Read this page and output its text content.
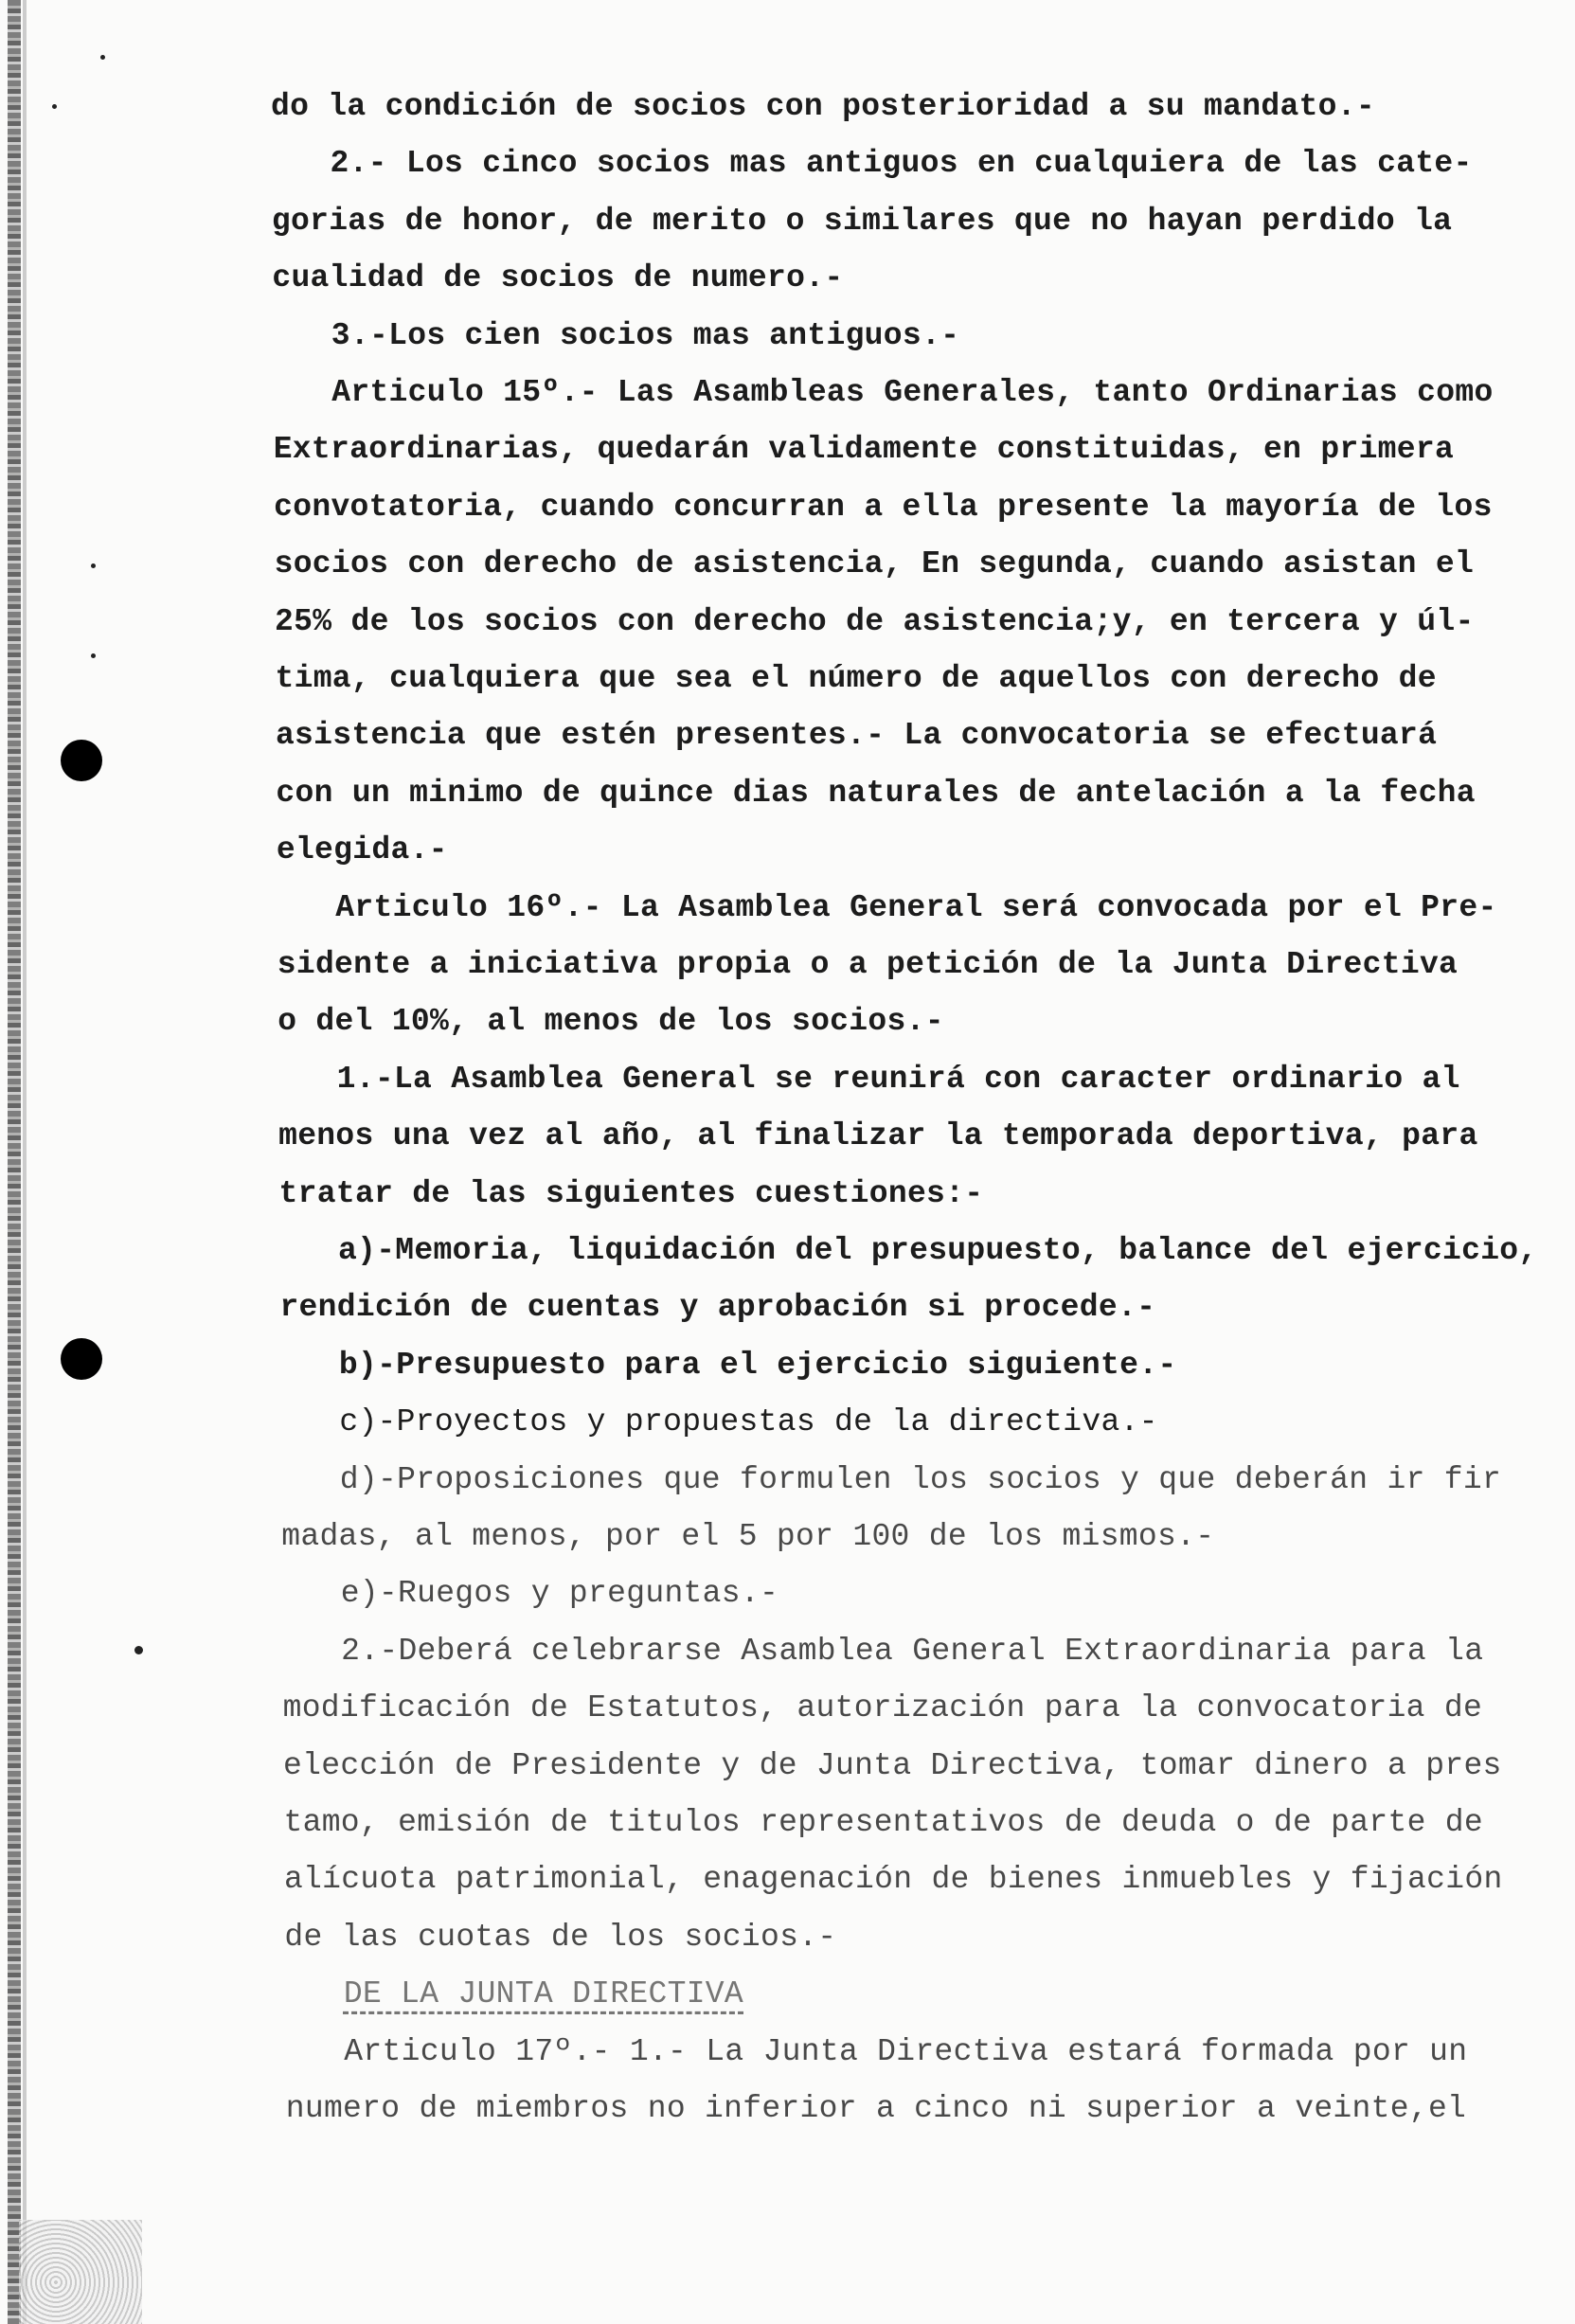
do la condición de socios con posterioridad a su mandato.-
2.- Los cinco socios mas antiguos en cualquiera de las cate-
gorias de honor, de merito o similares que no hayan perdido la
cualidad de socios de numero.-
3.-Los cien socios mas antiguos.-
Articulo 15º.- Las Asambleas Generales, tanto Ordinarias como
Extraordinarias, quedarán validamente constituidas, en primera
convotatoria, cuando concurran a ella presente la mayoría de los
socios con derecho de asistencia, En segunda, cuando asistan el
25% de los socios con derecho de asistencia;y, en tercera y úl-
tima, cualquiera que sea el número de aquellos con derecho de
asistencia que estén presentes.- La convocatoria se efectuará
con un minimo de quince dias naturales de antelación a la fecha
elegida.-
Articulo 16º.- La Asamblea General será convocada por el Pre-
sidente a iniciativa propia o a petición de la Junta Directiva
o del 10%, al menos de los socios.-
1.-La Asamblea General se reunirá con caracter ordinario al
menos una vez al año, al finalizar la temporada deportiva, para
tratar de las siguientes cuestiones:-
a)-Memoria, liquidación del presupuesto, balance del ejercicio,
rendición de cuentas y aprobación si procede.-
b)-Presupuesto para el ejercicio siguiente.-
c)-Proyectos y propuestas de la directiva.-
d)-Proposiciones que formulen los socios y que deberán ir fir
madas, al menos, por el 5 por 100 de los mismos.-
e)-Ruegos y preguntas.-
2.-Deberá celebrarse Asamblea General Extraordinaria para la
modificación de Estatutos, autorización para la convocatoria de
elección de Presidente y de Junta Directiva, tomar dinero a pres
tamo, emisión de titulos representativos de deuda o de parte de
alícuota patrimonial, enagenación de bienes inmuebles y fijación
de las cuotas de los socios.-
DE LA JUNTA DIRECTIVA
Articulo 17º.- 1.- La Junta Directiva estará formada por un
numero de miembros no inferior a cinco ni superior a veinte,el
